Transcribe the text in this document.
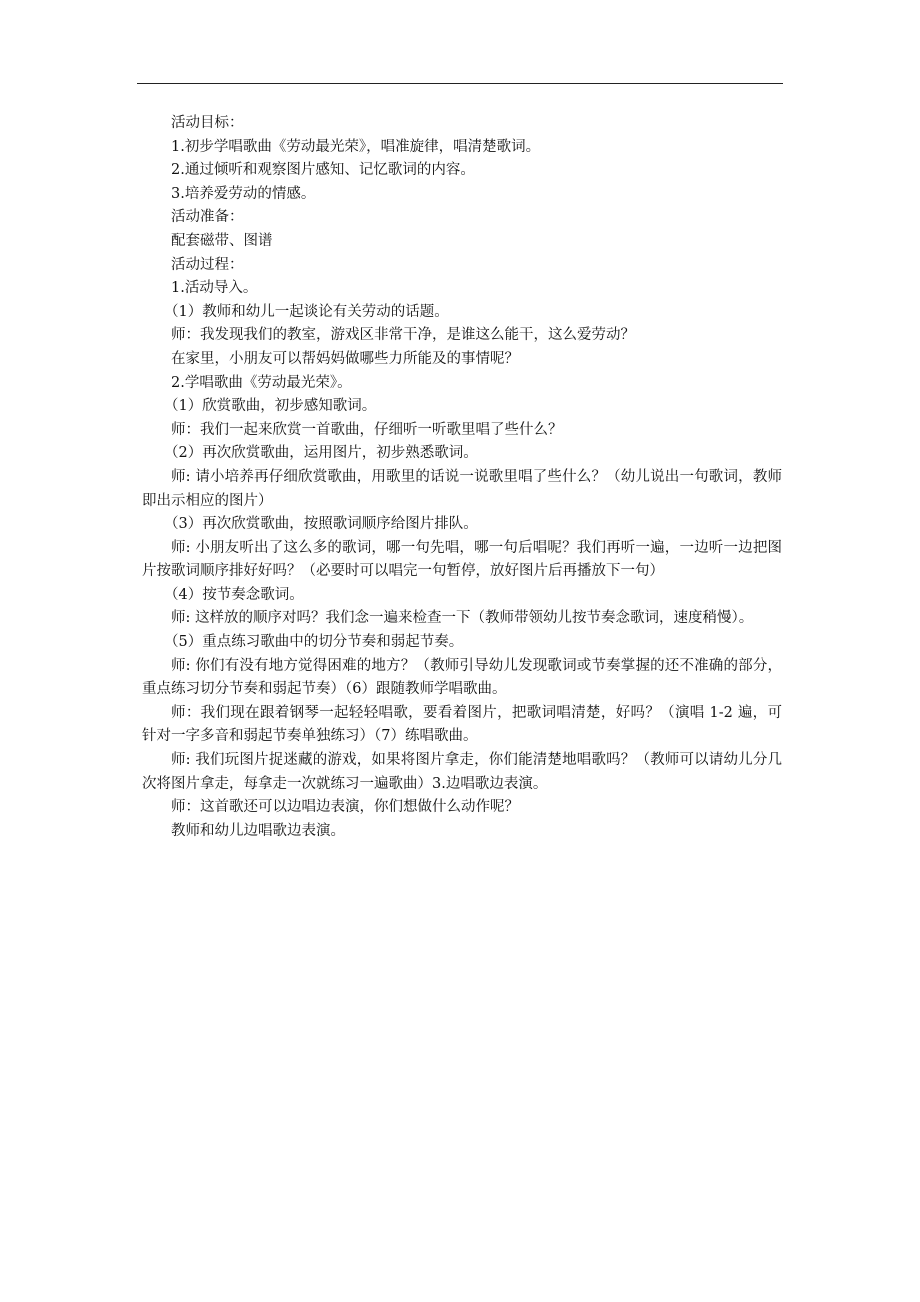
活动目标：

1.初步学唱歌曲《劳动最光荣》，唱准旋律，唱清楚歌词。

2.通过倾听和观察图片感知、记忆歌词的内容。

3.培养爱劳动的情感。

活动准备：

配套磁带、图谱

活动过程：

1.活动导入。

（1）教师和幼儿一起谈论有关劳动的话题。

师：我发现我们的教室，游戏区非常干净，是谁这么能干，这么爱劳动？

在家里，小朋友可以帮妈妈做哪些力所能及的事情呢？

2.学唱歌曲《劳动最光荣》。

（1）欣赏歌曲，初步感知歌词。

师：我们一起来欣赏一首歌曲，仔细听一听歌里唱了些什么？

（2）再次欣赏歌曲，运用图片，初步熟悉歌词。

师: 请小培养再仔细欣赏歌曲，用歌里的话说一说歌里唱了些什么？（幼儿说出一句歌词，教师即出示相应的图片）

（3）再次欣赏歌曲，按照歌词顺序给图片排队。

师: 小朋友听出了这么多的歌词，哪一句先唱，哪一句后唱呢？我们再听一遍，一边听一边把图片按歌词顺序排好好吗？（必要时可以唱完一句暂停，放好图片后再播放下一句）

（4）按节奏念歌词。

师: 这样放的顺序对吗？我们念一遍来检查一下（教师带领幼儿按节奏念歌词，速度稍慢）。

（5）重点练习歌曲中的切分节奏和弱起节奏。

师: 你们有没有地方觉得困难的地方？（教师引导幼儿发现歌词或节奏掌握的还不准确的部分，重点练习切分节奏和弱起节奏）（6）跟随教师学唱歌曲。

师：我们现在跟着钢琴一起轻轻唱歌，要看着图片，把歌词唱清楚，好吗？（演唱 1-2 遍，可针对一字多音和弱起节奏单独练习）（7）练唱歌曲。

师: 我们玩图片捉迷藏的游戏，如果将图片拿走，你们能清楚地唱歌吗？（教师可以请幼儿分几次将图片拿走，每拿走一次就练习一遍歌曲）3.边唱歌边表演。

师：这首歌还可以边唱边表演，你们想做什么动作呢？

教师和幼儿边唱歌边表演。
